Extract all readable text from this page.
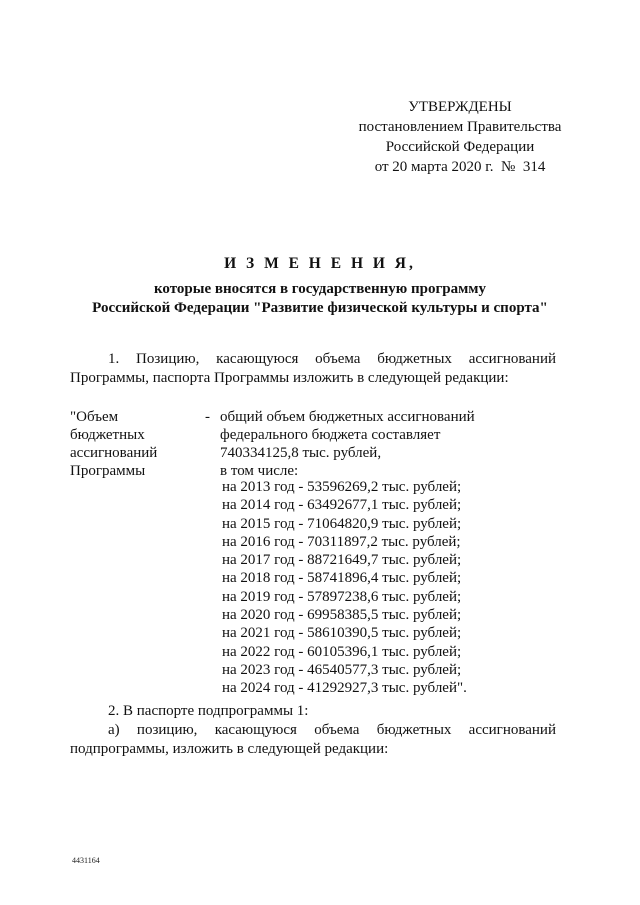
УТВЕРЖДЕНЫ
постановлением Правительства
Российской Федерации
от 20 марта 2020 г.  №  314
И З М Е Н Е Н И Я,
которые вносятся в государственную программу
Российской Федерации "Развитие физической культуры и спорта"
1. Позицию, касающуюся объема бюджетных ассигнований
Программы, паспорта Программы изложить в следующей редакции:
"Объем
бюджетных
ассигнований
Программы
- общий объем бюджетных ассигнований
федерального бюджета составляет
740334125,8 тыс. рублей,
в том числе:
на 2013 год - 53596269,2 тыс. рублей;
на 2014 год - 63492677,1 тыс. рублей;
на 2015 год - 71064820,9 тыс. рублей;
на 2016 год - 70311897,2 тыс. рублей;
на 2017 год - 88721649,7 тыс. рублей;
на 2018 год - 58741896,4 тыс. рублей;
на 2019 год - 57897238,6 тыс. рублей;
на 2020 год - 69958385,5 тыс. рублей;
на 2021 год - 58610390,5 тыс. рублей;
на 2022 год - 60105396,1 тыс. рублей;
на 2023 год - 46540577,3 тыс. рублей;
на 2024 год - 41292927,3 тыс. рублей".
2. В паспорте подпрограммы 1:
а) позицию, касающуюся объема бюджетных ассигнований
подпрограммы, изложить в следующей редакции:
4431164
